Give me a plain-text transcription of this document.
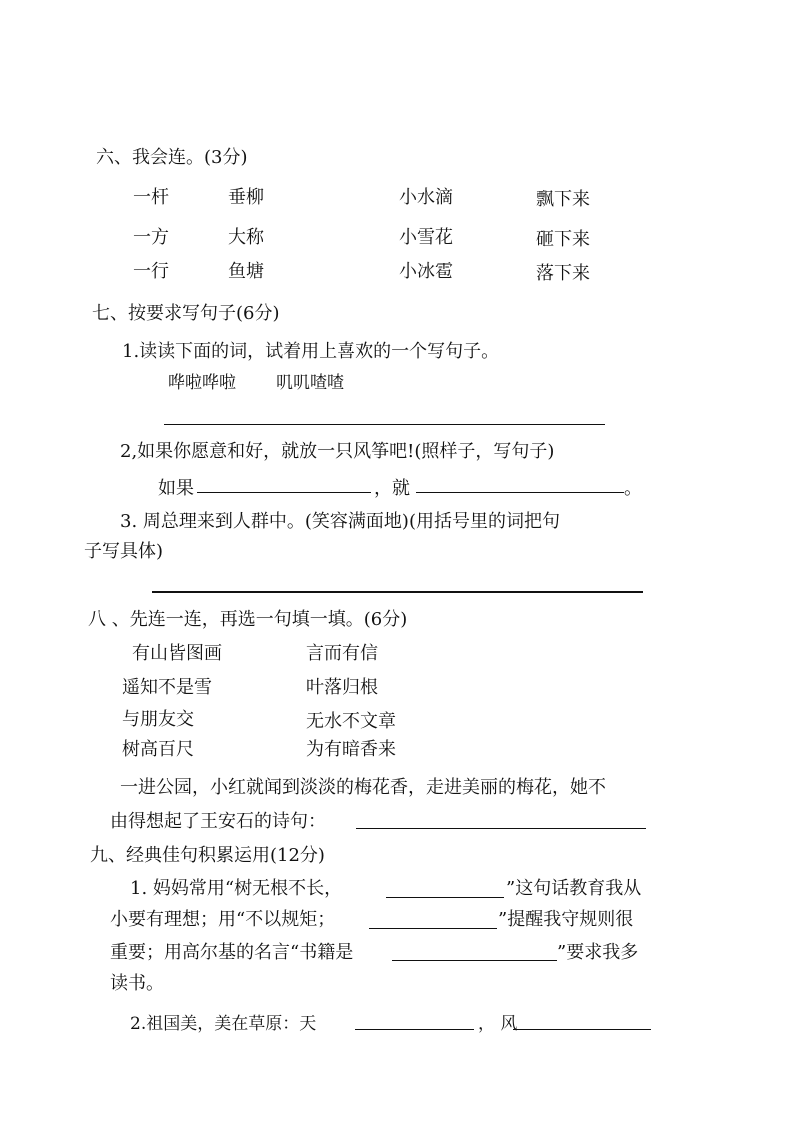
六、我会连。(3分)
一杆	垂柳	小水滴	飘下来
一方	大称	小雪花	砸下来
一行	鱼塘	小冰雹	落下来
七、按要求写句子(6分)
1.读读下面的词，试着用上喜欢的一个写句子。
哗啦哗啦 叽叽喳喳
2,如果你愿意和好，就放一只风筝吧!(照样子，写句子)
如果	，就	。
3. 周总理来到人群中。(笑容满面地)(用括号里的词把句
子写具体)
八 、先连一连，再选一句填一填。(6分)
有山皆图画	言而有信
遥知不是雪	叶落归根
与朋友交	无水不文章
树高百尺	为有暗香来
一进公园，小红就闻到淡淡的梅花香，走进美丽的梅花，她不
由得想起了王安石的诗句：
九、经典佳句积累运用(12分)
1. 妈妈常用“树无根不长，	”这句话教育我从
小要有理想；用“不以规矩；	”提醒我守规则很
重要；用高尔基的名言“书籍是	”要求我多
读书。
2.祖国美，美在草原：天	， 风
